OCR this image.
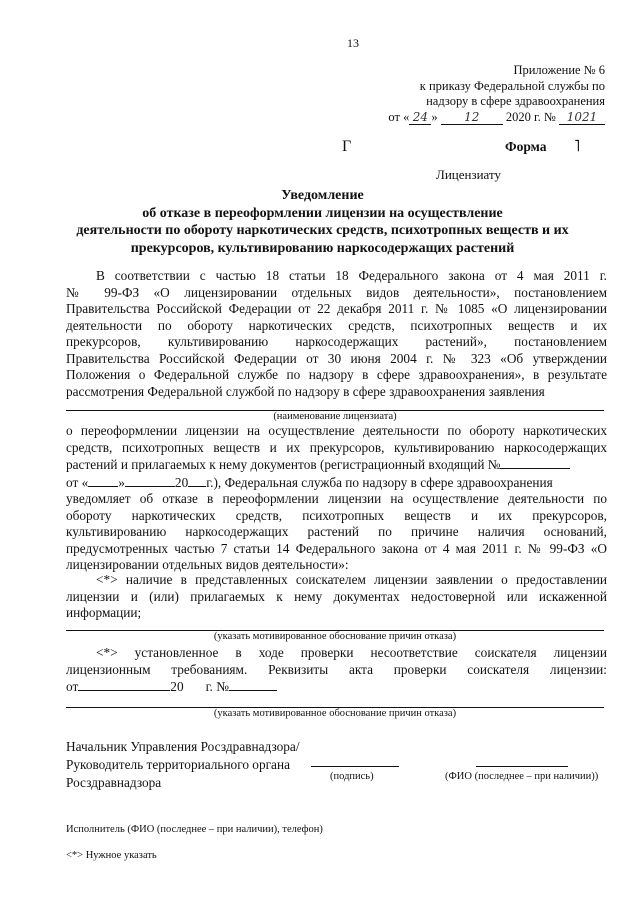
13
Приложение № 6
к приказу Федеральной службы по
надзору в сфере здравоохранения
от « 24 » 12 2020 г. № 1021
Г	Форма ˥
Лицензиату
Уведомление
об отказе в переоформлении лицензии на осуществление
деятельности по обороту наркотических средств, психотропных веществ и их
прекурсоров, культивированию наркосодержащих растений

В соответствии с частью 18 статьи 18 Федерального закона от 4 мая 2011 г.

№ 99-ФЗ «О лицензировании отдельных видов деятельности», постановлением

Правительства Российской Федерации от 22 декабря 2011 г. № 1085 «О лицензировании

деятельности по обороту наркотических средств, психотропных веществ и их

прекурсоров, культивированию наркосодержащих растений», постановлением

Правительства Российской Федерации от 30 июня 2004 г. № 323 «Об утверждении

Положения о Федеральной службе по надзору в сфере здравоохранения», в результате

рассмотрения Федеральной службой по надзору в сфере здравоохранения заявления

(наименование лицензиата)

о переоформлении лицензии на осуществление деятельности по обороту наркотических

средств, психотропных веществ и их прекурсоров, культивированию наркосодержащих

растений и прилагаемых к нему документов (регистрационный входящий №

от « »	20 г.), Федеральная служба по надзору в сфере здравоохранения

уведомляет об отказе в переоформлении лицензии на осуществление деятельности по

обороту наркотических средств, психотропных веществ и их прекурсоров,

культивированию наркосодержащих растений по причине наличия оснований,

предусмотренных частью 7 статьи 14 Федерального закона от 4 мая 2011 г. № 99-ФЗ «О

лицензировании отдельных видов деятельности»:

<*> наличие в представленных соискателем лицензии заявлении о предоставлении

лицензии и (или) прилагаемых к нему документах недостоверной или искаженной

информации;

(указать мотивированное обоснование причин отказа)

<*> установленное в ходе проверки несоответствие соискателя лицензии

лицензионным требованиям. Реквизиты акта проверки соискателя лицензии:

от	20 г. №

(указать мотивированное обоснование причин отказа)
Начальник Управления Росздравнадзора/
Руководитель территориального органа
Росздравнадзора	(подпись)	(ФИО (последнее – при наличии))
Исполнитель (ФИО (последнее – при наличии), телефон)
<*> Нужное указать
